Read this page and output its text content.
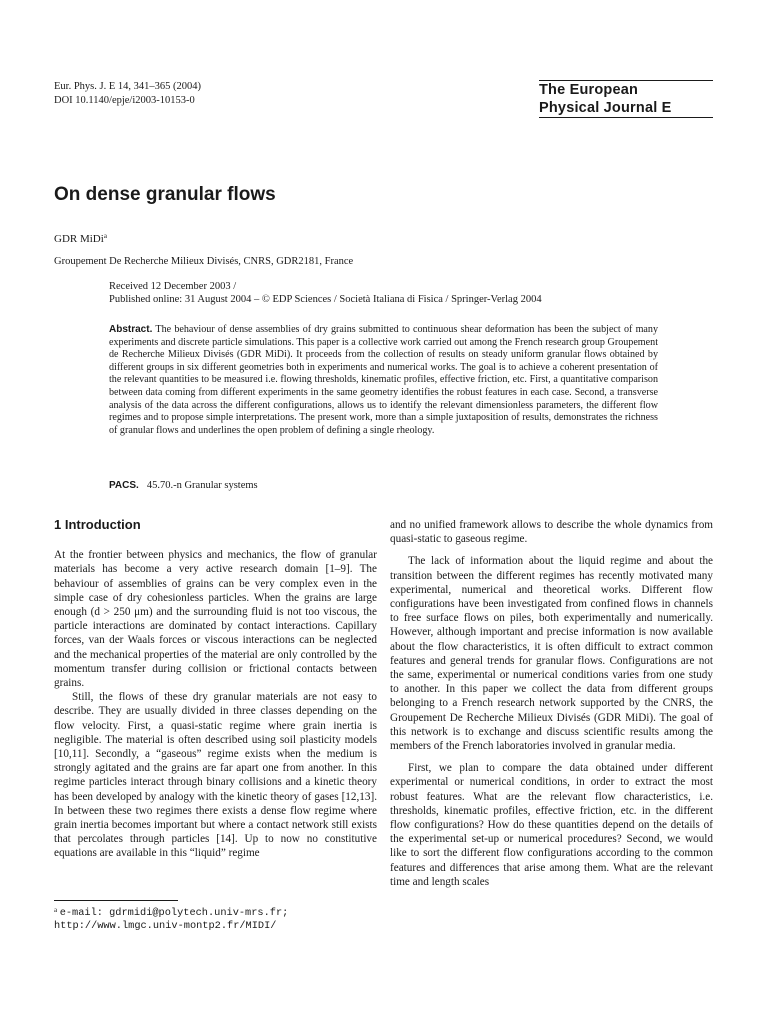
Eur. Phys. J. E 14, 341–365 (2004)
DOI 10.1140/epje/i2003-10153-0
The European
Physical Journal E
On dense granular flows
GDR MiDi$^a$
Groupement De Recherche Milieux Divisés, CNRS, GDR2181, France
Received 12 December 2003 /
Published online: 31 August 2004 – © EDP Sciences / Società Italiana di Fisica / Springer-Verlag 2004
Abstract. The behaviour of dense assemblies of dry grains submitted to continuous shear deformation has been the subject of many experiments and discrete particle simulations. This paper is a collective work carried out among the French research group Groupement de Recherche Milieux Divisés (GDR MiDi). It proceeds from the collection of results on steady uniform granular flows obtained by different groups in six different geometries both in experiments and numerical works. The goal is to achieve a coherent presentation of the relevant quantities to be measured i.e. flowing thresholds, kinematic profiles, effective friction, etc. First, a quantitative comparison between data coming from different experiments in the same geometry identifies the robust features in each case. Second, a transverse analysis of the data across the different configurations, allows us to identify the relevant dimensionless parameters, the different flow regimes and to propose simple interpretations. The present work, more than a simple juxtaposition of results, demonstrates the richness of granular flows and underlines the open problem of defining a single rheology.
PACS. 45.70.-n Granular systems
1 Introduction

At the frontier between physics and mechanics, the flow of granular materials has become a very active research domain [1–9]. The behaviour of assemblies of grains can be very complex even in the simple case of dry cohesionless particles. When the grains are large enough (d > 250 μm) and the surrounding fluid is not too viscous, the particle interactions are dominated by contact interactions. Capillary forces, van der Waals forces or viscous interactions can be neglected and the mechanical properties of the material are only controlled by the momentum transfer during collision or frictional contacts between grains.

Still, the flows of these dry granular materials are not easy to describe. They are usually divided in three classes depending on the flow velocity. First, a quasi-static regime where grain inertia is negligible. The material is often described using soil plasticity models [10,11]. Secondly, a “gaseous” regime exists when the medium is strongly agitated and the grains are far apart one from another. In this regime particles interact through binary collisions and a kinetic theory has been developed by analogy with the kinetic theory of gases [12,13]. In between these two regimes there exists a dense flow regime where grain inertia becomes important but where a contact network still exists that percolates through particles [14]. Up to now no constitutive equations are available in this “liquid” regime

and no unified framework allows to describe the whole dynamics from quasi-static to gaseous regime.

The lack of information about the liquid regime and about the transition between the different regimes has recently motivated many experimental, numerical and theoretical works. Different flow configurations have been investigated from confined flows in channels to free surface flows on piles, both experimentally and numerically. However, although important and precise information is now available about the flow characteristics, it is often difficult to extract common features and general trends for granular flows. Configurations are not the same, experimental or numerical conditions varies from one study to another. In this paper we collect the data from different groups belonging to a French research network supported by the CNRS, the Groupement De Recherche Milieux Divisés (GDR MiDi). The goal of this network is to exchange and discuss scientific results among the members of the French laboratories involved in granular media.

First, we plan to compare the data obtained under different experimental or numerical conditions, in order to extract the most robust features. What are the relevant flow characteristics, i.e. thresholds, kinematic profiles, effective friction, etc. in the different flow configurations? How do these quantities depend on the details of the experimental set-up or numerical procedures? Second, we would like to sort the different flow configurations according to the common features and differences that arise among them. What are the relevant time and length scales

$^a$ e-mail: gdrmidi@polytech.univ-mrs.fr;
http://www.lmgc.univ-montp2.fr/MIDI/
